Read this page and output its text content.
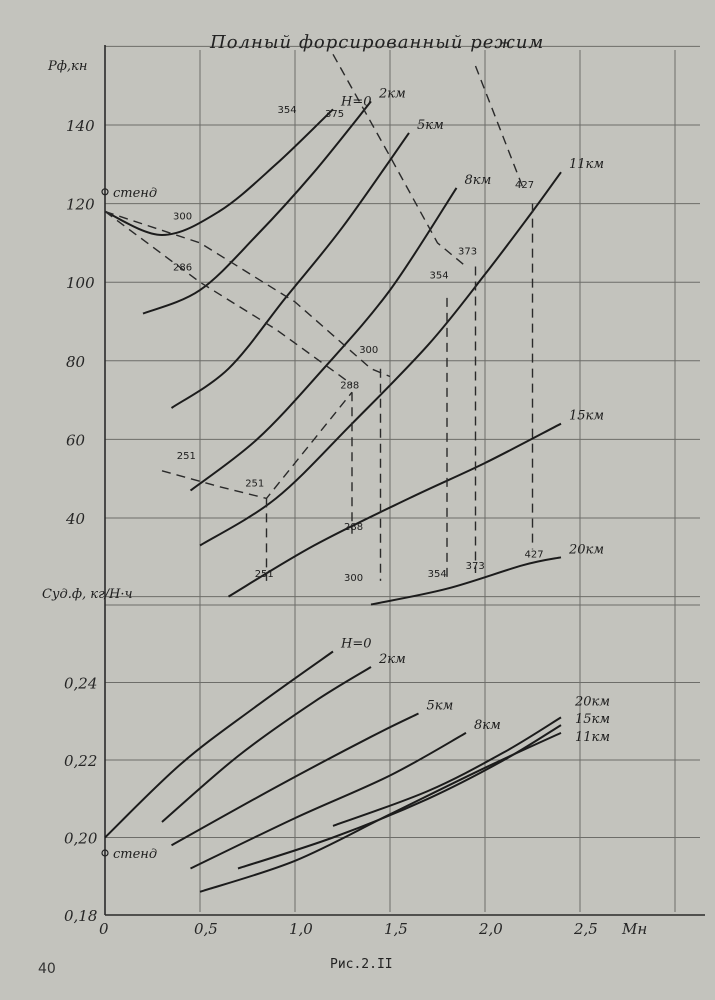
140
120
100
80
60
40
0,24
0,22
0,20
0,18
0	0,5	1,0	1,5	2,0	2,5 Mн
Pф,кн
Cуд.ф, кг/Н·ч
H=0
2км
5км
8км
11км
15км
20км
стенд
H=0
2км
5км
8км
20км
15км
11км
стенд
354	375
300
286
427
373
354
300
288
251
251
288
251	300	354
373
427
Полный форсированный режим
Рис.2.II
40
